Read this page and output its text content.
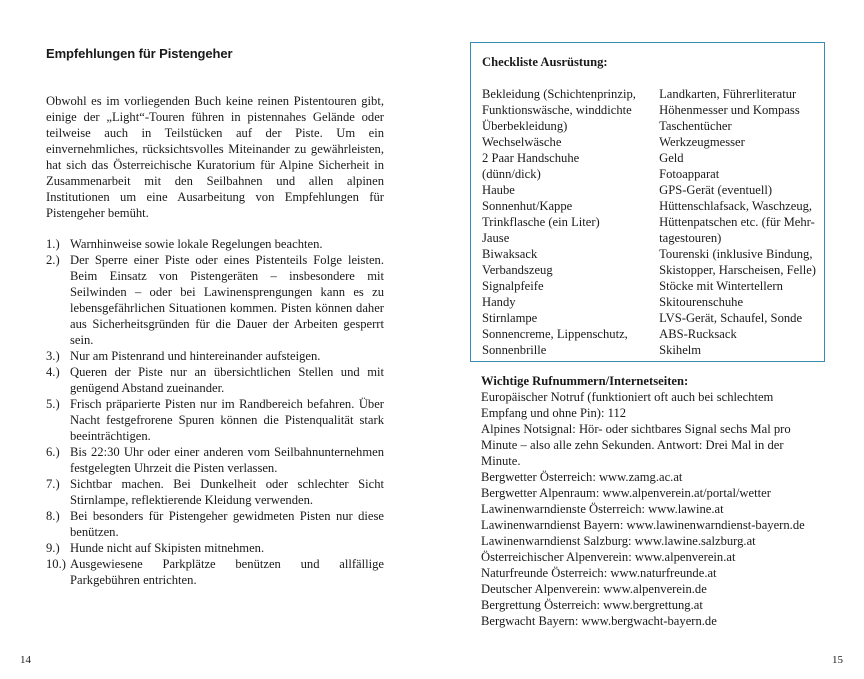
Empfehlungen für Pistengeher

Obwohl es im vorliegenden Buch keine reinen Pistentouren gibt, einige der „Light“-Touren führen in pistennahes Gelände oder teilweise auch in Teilstücken auf der Piste. Um ein einvernehmliches, rücksichtsvolles Miteinander zu gewährleisten, hat sich das Österreichische Kuratorium für Alpine Sicherheit in Zusammenarbeit mit den Seilbahnen und allen alpinen Institutionen um eine Ausarbeitung von Empfehlungen für Pistengeher bemüht.

1.) Warnhinweise sowie lokale Regelungen beachten.
2.) Der Sperre einer Piste oder eines Pistenteils Folge leisten. Beim Einsatz von Pistengeräten – insbesondere mit Seilwinden – oder bei Lawinensprengungen kann es zu lebensgefährlichen Situationen kommen. Pisten können daher aus Sicherheitsgründen für die Dauer der Arbeiten gesperrt sein.
3.) Nur am Pistenrand und hintereinander aufsteigen.
4.) Queren der Piste nur an übersichtlichen Stellen und mit genügend Abstand zueinander.
5.) Frisch präparierte Pisten nur im Randbereich befahren. Über Nacht festgefrorene Spuren können die Pistenqualität stark beeinträchtigen.
6.) Bis 22:30 Uhr oder einer anderen vom Seilbahnunternehmen festgelegten Uhrzeit die Pisten verlassen.
7.) Sichtbar machen. Bei Dunkelheit oder schlechter Sicht Stirnlampe, reflektierende Kleidung verwenden.
8.) Bei besonders für Pistengeher gewidmeten Pisten nur diese benützen.
9.) Hunde nicht auf Skipisten mitnehmen.
10.) Ausgewiesene Parkplätze benützen und allfällige Parkgebühren entrichten.
Checkliste Ausrüstung:
Bekleidung (Schichtenprinzip,
Funktionswäsche, winddichte
Überbekleidung)
Wechselwäsche
2 Paar Handschuhe
(dünn/dick)
Haube
Sonnenhut/Kappe
Trinkflasche (ein Liter)
Jause
Biwaksack
Verbandszeug
Signalpfeife
Handy
Stirnlampe
Sonnencreme, Lippenschutz,
Sonnenbrille
Landkarten, Führerliteratur
Höhenmesser und Kompass
Taschentücher
Werkzeugmesser
Geld
Fotoapparat
GPS-Gerät (eventuell)
Hüttenschlafsack, Waschzeug,
Hüttenpatschen etc. (für Mehr-
tagestouren)
Tourenski (inklusive Bindung,
Skistopper, Harscheisen, Felle)
Stöcke mit Wintertellern
Skitourenschuhe
LVS-Gerät, Schaufel, Sonde
ABS-Rucksack
Skihelm
Wichtige Rufnummern/Internetseiten:
Europäischer Notruf (funktioniert oft auch bei schlechtem
Empfang und ohne Pin): 112
Alpines Notsignal: Hör- oder sichtbares Signal sechs Mal pro
Minute – also alle zehn Sekunden. Antwort: Drei Mal in der
Minute.
Bergwetter Österreich: www.zamg.ac.at
Bergwetter Alpenraum: www.alpenverein.at/portal/wetter
Lawinenwarndienste Österreich: www.lawine.at
Lawinenwarndienst Bayern: www.lawinenwarndienst-bayern.de
Lawinenwarndienst Salzburg: www.lawine.salzburg.at
Österreichischer Alpenverein: www.alpenverein.at
Naturfreunde Österreich: www.naturfreunde.at
Deutscher Alpenverein: www.alpenverein.de
Bergrettung Österreich: www.bergrettung.at
Bergwacht Bayern: www.bergwacht-bayern.de
14	15
